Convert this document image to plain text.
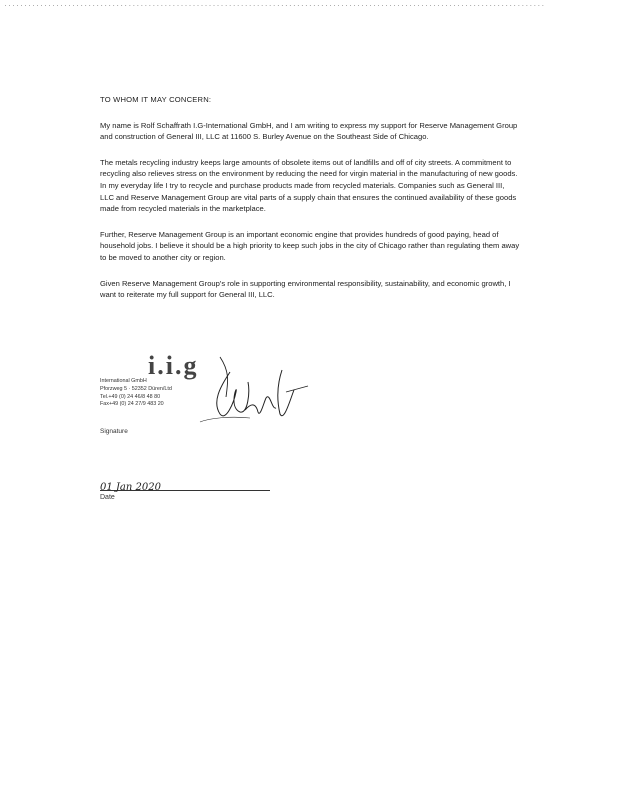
.......................................................................................................................................

TO WHOM IT MAY CONCERN:

My name is Rolf Schaffrath I.G-International GmbH, and I am writing to express my support for Reserve Management Group and construction of General III, LLC at 11600 S. Burley Avenue on the Southeast Side of Chicago.

The metals recycling industry keeps large amounts of obsolete items out of landfills and off of city streets. A commitment to recycling also relieves stress on the environment by reducing the need for virgin material in the manufacturing of new goods. In my everyday life I try to recycle and purchase products made from recycled materials. Companies such as General III, LLC and Reserve Management Group are vital parts of a supply chain that ensures the continued availability of these goods made from recycled materials in the marketplace.

Further, Reserve Management Group is an important economic engine that provides hundreds of good paying, head of household jobs. I believe it should be a high priority to keep such jobs in the city of Chicago rather than regulating them away to be moved to another city or region.

Given Reserve Management Group's role in supporting environmental responsibility, sustainability, and economic growth, I want to reiterate my full support for General III, LLC.

i.i.g
International GmbH
Pforzweg 5 · 52352 Düren/Ltd
Tel.+49 (0) 24 46/8 48 80
Fax+49 (0) 24 27/9 483 20
Signature
01 Jan 2020
Date
